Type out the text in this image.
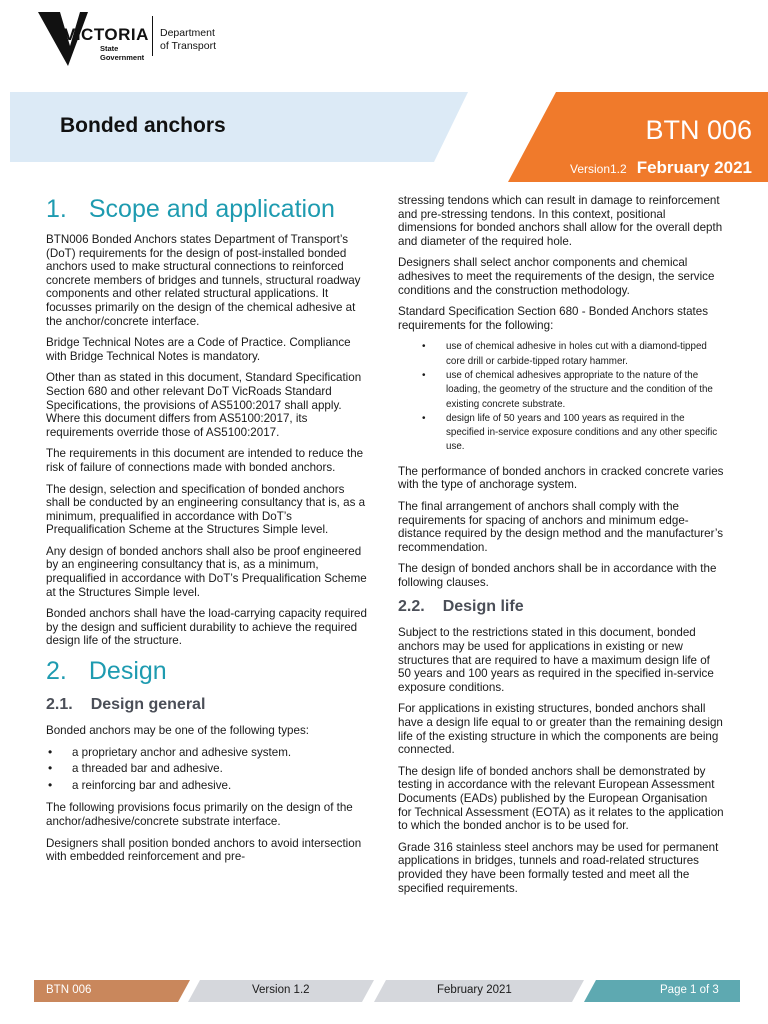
VICTORIA
State
Government
Department
of Transport
Bonded anchors	BTN 006
Version1.2 February 2021
1. Scope and application

BTN006 Bonded Anchors states Department of Transport’s (DoT) requirements for the design of post-installed bonded anchors used to make structural connections to reinforced concrete members of bridges and tunnels, structural roadway components and other related structural applications. It focusses primarily on the design of the chemical adhesive at the anchor/concrete interface.

Bridge Technical Notes are a Code of Practice. Compliance with Bridge Technical Notes is mandatory.

Other than as stated in this document, Standard Specification Section 680 and other relevant DoT VicRoads Standard Specifications, the provisions of AS5100:2017 shall apply. Where this document differs from AS5100:2017, its requirements override those of AS5100:2017.

The requirements in this document are intended to reduce the risk of failure of connections made with bonded anchors.

The design, selection and specification of bonded anchors shall be conducted by an engineering consultancy that is, as a minimum, prequalified in accordance with DoT’s Prequalification Scheme at the Structures Simple level.

Any design of bonded anchors shall also be proof engineered by an engineering consultancy that is, as a minimum, prequalified in accordance with DoT’s Prequalification Scheme at the Structures Simple level.

Bonded anchors shall have the load-carrying capacity required by the design and sufficient durability to achieve the required design life of the structure.

2. Design
2.1. Design general

Bonded anchors may be one of the following types:

• a proprietary anchor and adhesive system.
• a threaded bar and adhesive.
• a reinforcing bar and adhesive.

The following provisions focus primarily on the design of the anchor/adhesive/concrete substrate interface.

Designers shall position bonded anchors to avoid intersection with embedded reinforcement and pre-

stressing tendons which can result in damage to reinforcement and pre-stressing tendons. In this context, positional dimensions for bonded anchors shall allow for the overall depth and diameter of the required hole.

Designers shall select anchor components and chemical adhesives to meet the requirements of the design, the service conditions and the construction methodology.

Standard Specification Section 680 - Bonded Anchors states requirements for the following:

• use of chemical adhesive in holes cut with a diamond-tipped core drill or carbide-tipped rotary hammer.
• use of chemical adhesives appropriate to the nature of the loading, the geometry of the structure and the condition of the existing concrete substrate.
• design life of 50 years and 100 years as required in the specified in-service exposure conditions and any other specific use.

The performance of bonded anchors in cracked concrete varies with the type of anchorage system.

The final arrangement of anchors shall comply with the requirements for spacing of anchors and minimum edge-distance required by the design method and the manufacturer’s recommendation.

The design of bonded anchors shall be in accordance with the following clauses.

2.2. Design life

Subject to the restrictions stated in this document, bonded anchors may be used for applications in existing or new structures that are required to have a maximum design life of 50 years and 100 years as required in the specified in-service exposure conditions.

For applications in existing structures, bonded anchors shall have a design life equal to or greater than the remaining design life of the existing structure in which the components are being connected.

The design life of bonded anchors shall be demonstrated by testing in accordance with the relevant European Assessment Documents (EADs) published by the European Organisation for Technical Assessment (EOTA) as it relates to the application to which the bonded anchor is to be used for.

Grade 316 stainless steel anchors may be used for permanent applications in bridges, tunnels and road-related structures provided they have been formally tested and meet all the specified requirements.

BTN 006	Version 1.2	February 2021	Page 1 of 3
